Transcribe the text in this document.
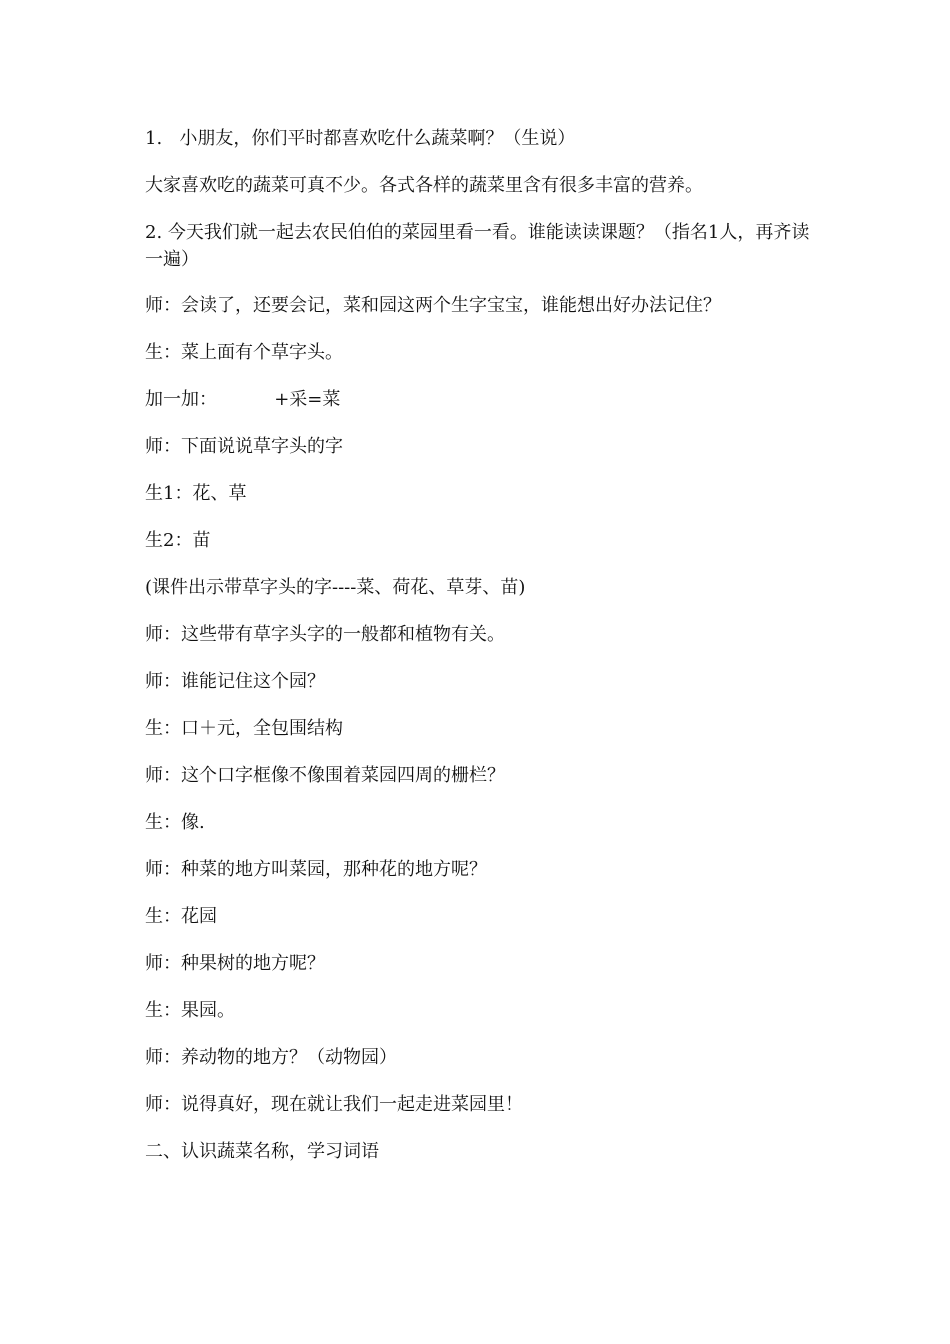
1.   小朋友，你们平时都喜欢吃什么蔬菜啊？（生说）

大家喜欢吃的蔬菜可真不少。各式各样的蔬菜里含有很多丰富的营养。

2. 今天我们就一起去农民伯伯的菜园里看一看。谁能读读课题？（指名1人，再齐读一遍）

师：会读了，还要会记，菜和园这两个生字宝宝，谁能想出好办法记住？

生：菜上面有个草字头。

加一加：          +采=菜

师：下面说说草字头的字

生1：花、草

生2：苗

(课件出示带草字头的字----菜、荷花、草芽、苗)

师：这些带有草字头字的一般都和植物有关。

师：谁能记住这个园？

生：口＋元，全包围结构

师：这个口字框像不像围着菜园四周的栅栏？

生：像.

师：种菜的地方叫菜园，那种花的地方呢？

生：花园

师：种果树的地方呢？

生：果园。

师：养动物的地方？（动物园）

师：说得真好，现在就让我们一起走进菜园里！

二、认识蔬菜名称，学习词语
